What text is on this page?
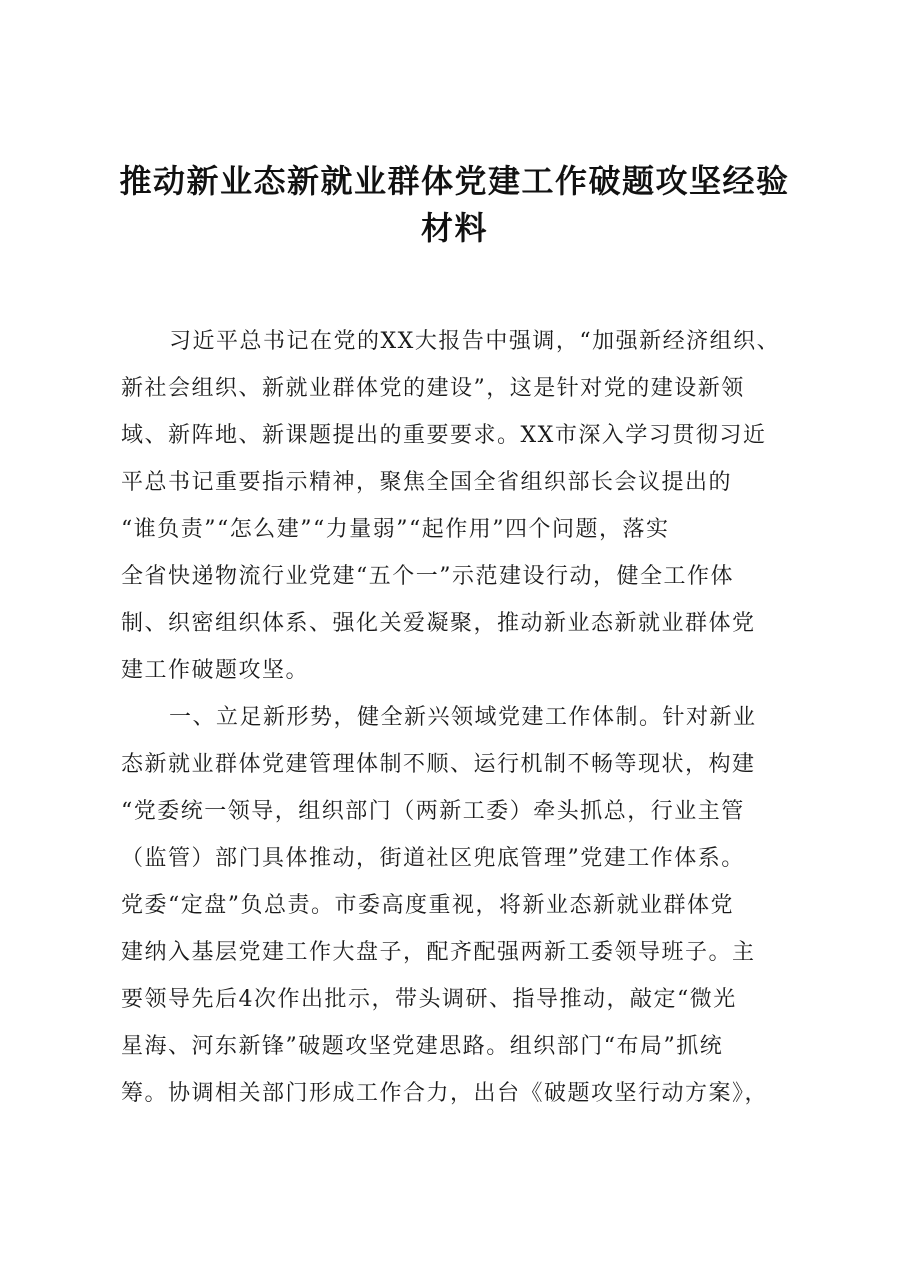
推动新业态新就业群体党建工作破题攻坚经验
材料
习近平总书记在党的XX大报告中强调，“加强新经济组织、
新社会组织、新就业群体党的建设”，这是针对党的建设新领
域、新阵地、新课题提出的重要要求。XX市深入学习贯彻习近
平总书记重要指示精神，聚焦全国全省组织部长会议提出的
“谁负责”“怎么建”“力量弱”“起作用”四个问题，落实
全省快递物流行业党建“五个一”示范建设行动，健全工作体
制、织密组织体系、强化关爱凝聚，推动新业态新就业群体党
建工作破题攻坚。
一、立足新形势，健全新兴领域党建工作体制。针对新业
态新就业群体党建管理体制不顺、运行机制不畅等现状，构建
“党委统一领导，组织部门（两新工委）牵头抓总，行业主管
（监管）部门具体推动，街道社区兜底管理”党建工作体系。
党委“定盘”负总责。市委高度重视，将新业态新就业群体党
建纳入基层党建工作大盘子，配齐配强两新工委领导班子。主
要领导先后4次作出批示，带头调研、指导推动，敲定“微光
星海、河东新锋”破题攻坚党建思路。组织部门“布局”抓统
筹。协调相关部门形成工作合力，出台《破题攻坚行动方案》，
